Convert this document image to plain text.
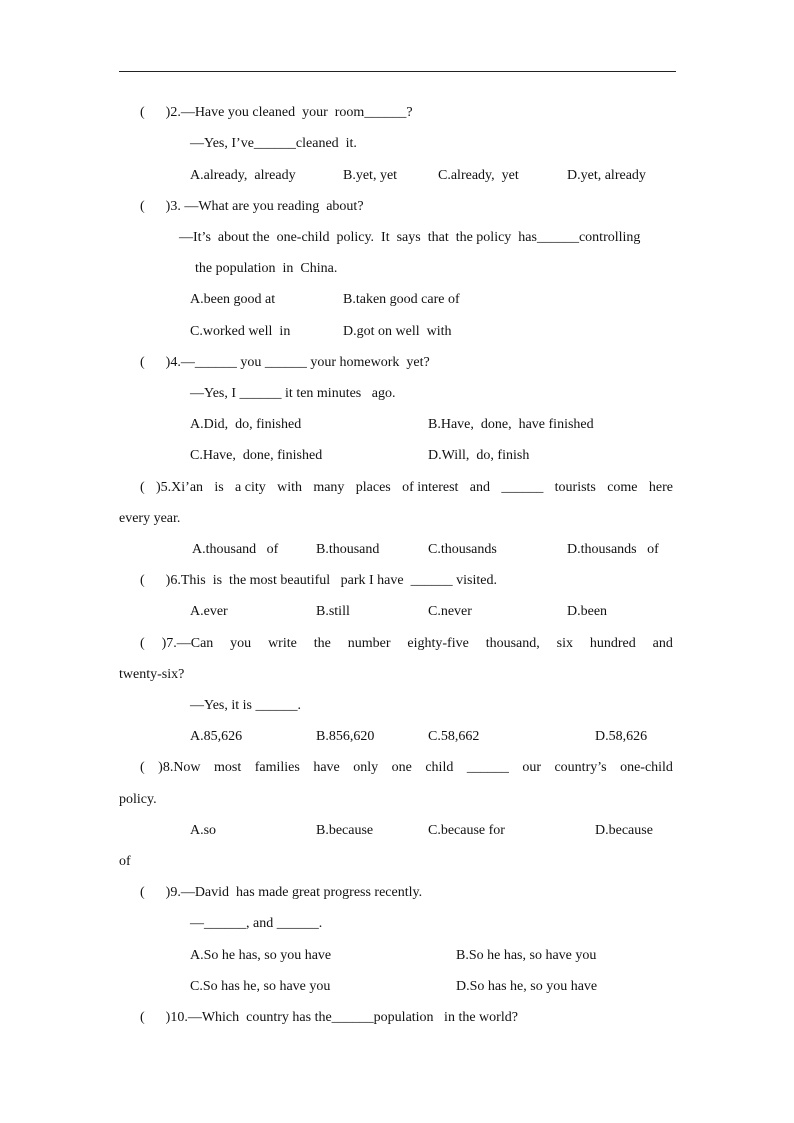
(      )2.—Have you cleaned  your  room______?
—Yes, I’ve______cleaned  it.
A.already,  already	B.yet, yet	C.already,  yet	D.yet, already
(      )3. —What are you reading  about?
—It’s  about the  one-child  policy.  It  says  that  the policy  has______controlling
the population  in  China.
A.been good at	B.taken good care of
C.worked well  in	D.got on well  with
(      )4.—______ you ______ your homework  yet?
—Yes, I ______ it ten minutes   ago.
A.Did,  do, finished	B.Have,  done,  have finished
C.Have,  done, finished	D.Will,  do, finish
( )5.Xi’an is a city with many places of interest and ______ tourists come here
every year.
A.thousand   of	B.thousand	C.thousands	D.thousands   of
(      )6.This  is  the most beautiful   park I have  ______ visited.
A.ever	B.still	C.never	D.been
( )7.—Can you write the number eighty-five thousand, six hundred and
twenty-six?
—Yes, it is ______.
A.85,626	B.856,620	C.58,662	D.58,626
( )8.Now most families have only one child ______ our country’s one-child
policy.
A.so	B.because	C.because for	D.because
of
(      )9.—David  has made great progress recently.
—______, and ______.
A.So he has, so you have	B.So he has, so have you
C.So has he, so have you	D.So has he, so you have
(      )10.—Which  country has the______population   in the world?
